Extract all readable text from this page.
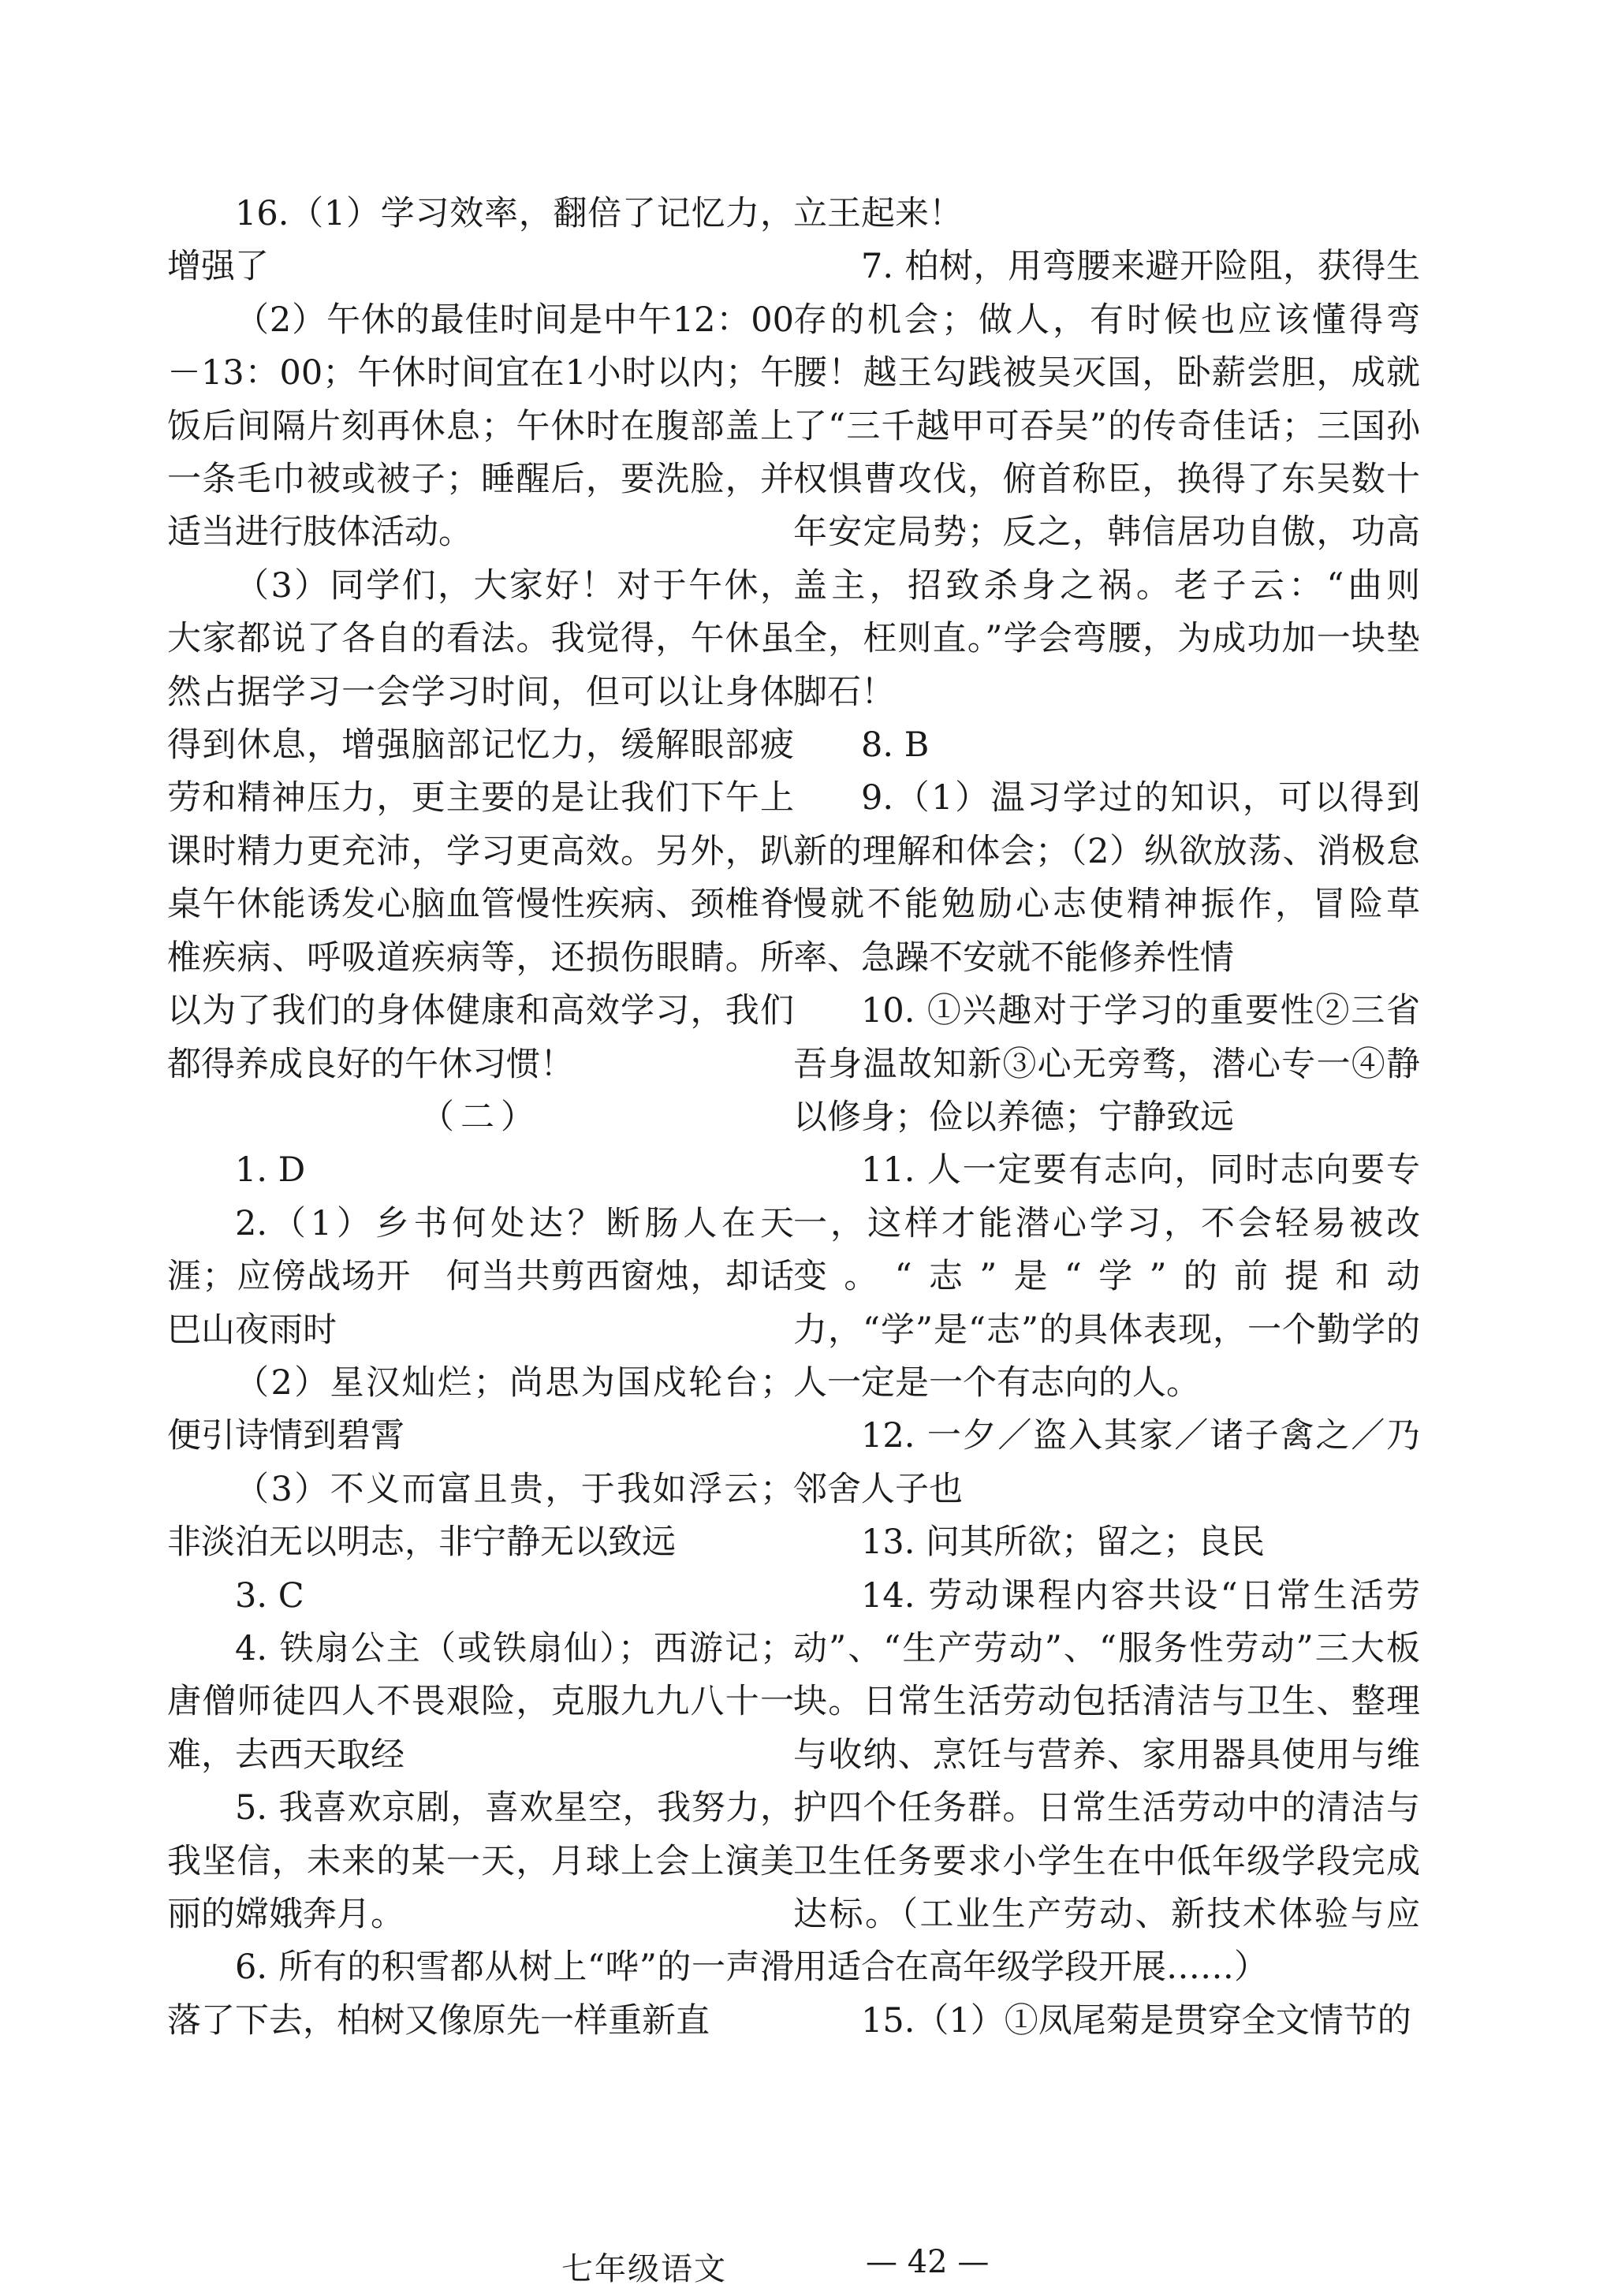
16.（1）学习效率，翻倍了记忆力，增强了

（2）午休的最佳时间是中午12：00－13：00；午休时间宜在1小时以内；午饭后间隔片刻再休息；午休时在腹部盖上一条毛巾被或被子；睡醒后，要洗脸，并适当进行肢体活动。

（3）同学们，大家好！对于午休，大家都说了各自的看法。我觉得，午休虽然占据学习一会学习时间，但可以让身体得到休息，增强脑部记忆力，缓解眼部疲劳和精神压力，更主要的是让我们下午上课时精力更充沛，学习更高效。另外，趴桌午休能诱发心脑血管慢性疾病、颈椎脊椎疾病、呼吸道疾病等，还损伤眼睛。所以为了我们的身体健康和高效学习，我们都得养成良好的午休习惯！

（二）

1. D

2.（1）乡书何处达？断肠人在天涯；应傍战场开　何当共剪西窗烛，却话巴山夜雨时

（2）星汉灿烂；尚思为国戍轮台；便引诗情到碧霄

（3）不义而富且贵，于我如浮云；非淡泊无以明志，非宁静无以致远

3. C

4. 铁扇公主（或铁扇仙）；西游记；唐僧师徒四人不畏艰险，克服九九八十一难，去西天取经

5. 我喜欢京剧，喜欢星空，我努力，我坚信，未来的某一天，月球上会上演美丽的嫦娥奔月。

6. 所有的积雪都从树上“哗”的一声滑落了下去，柏树又像原先一样重新直

立王起来！

7. 柏树，用弯腰来避开险阻，获得生存的机会；做人，有时候也应该懂得弯腰！越王勾践被吴灭国，卧薪尝胆，成就了“三千越甲可吞吴”的传奇佳话；三国孙权惧曹攻伐，俯首称臣，换得了东吴数十年安定局势；反之，韩信居功自傲，功高盖主，招致杀身之祸。老子云：“曲则全，枉则直。”学会弯腰，为成功加一块垫脚石！

8. B

9.（1）温习学过的知识，可以得到新的理解和体会；（2）纵欲放荡、消极怠慢就不能勉励心志使精神振作，冒险草率、急躁不安就不能修养性情

10. ①兴趣对于学习的重要性②三省吾身温故知新③心无旁骛，潜心专一④静以修身；俭以养德；宁静致远

11. 人一定要有志向，同时志向要专一，这样才能潜心学习，不会轻易被改变。“志”是“学”的前提和动力，“学”是“志”的具体表现，一个勤学的人一定是一个有志向的人。

12. 一夕／盗入其家／诸子禽之／乃邻舍人子也

13. 问其所欲；留之；良民

14. 劳动课程内容共设“日常生活劳动”、“生产劳动”、“服务性劳动”三大板块。日常生活劳动包括清洁与卫生、整理与收纳、烹饪与营养、家用器具使用与维护四个任务群。日常生活劳动中的清洁与卫生任务要求小学生在中低年级学段完成达标。（工业生产劳动、新技术体验与应用适合在高年级学段开展……）

15.（1）①凤尾菊是贯穿全文情节的

七年级语文	— 42 —
